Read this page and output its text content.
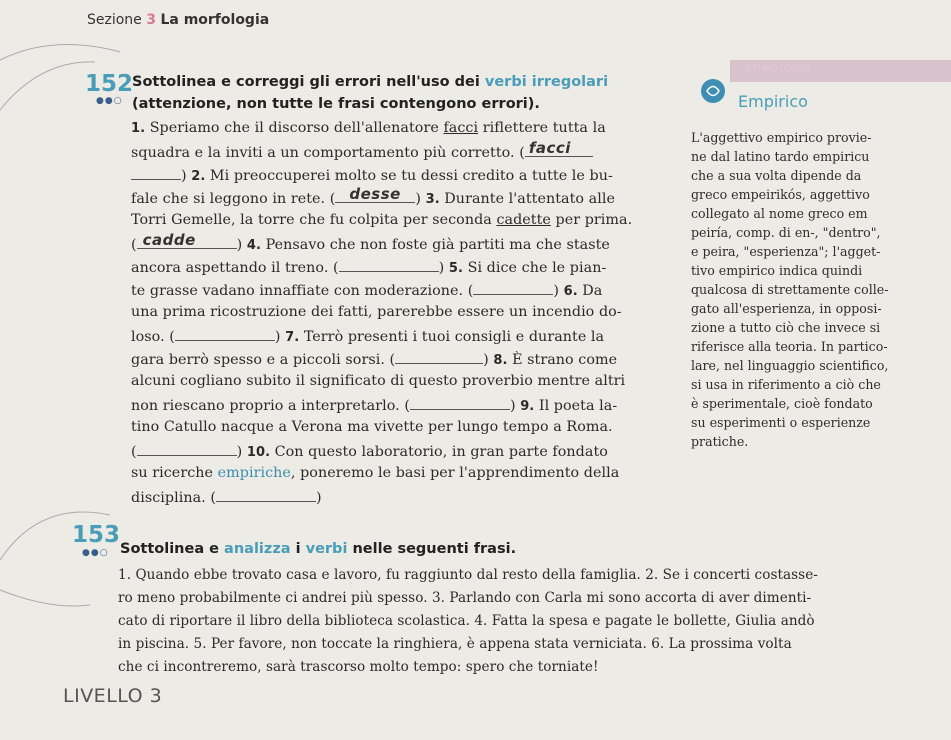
Sezione 3 La morfologia
152
●●○
Sottolinea e correggi gli errori nell'uso dei verbi irregolari
(attenzione, non tutte le frasi contengono errori).
1. Speriamo che il discorso dell'allenatore facci riflettere tutta la
squadra e la inviti a un comportamento più corretto. ( facci
) 2. Mi preoccuperei molto se tu dessi credito a tutte le bu-
fale che si leggono in rete. ( desse ) 3. Durante l'attentato alle
Torri Gemelle, la torre che fu colpita per seconda cadette per prima.
( cadde	) 4. Pensavo che non foste già partiti ma che staste
ancora aspettando il treno. (	) 5. Si dice che le pian-
te grasse vadano innaffiate con moderazione. (	) 6. Da
una prima ricostruzione dei fatti, parerebbe essere un incendio do-
loso. (	) 7. Terrò presenti i tuoi consigli e durante la
gara berrò spesso e a piccoli sorsi. (	) 8. È strano come
alcuni cogliano subito il significato di questo proverbio mentre altri
non riescano proprio a interpretarlo. (	) 9. Il poeta la-
tino Catullo nacque a Verona ma vivette per lungo tempo a Roma.
(	) 10. Con questo laboratorio, in gran parte fondato
su ricerche empiriche, poneremo le basi per l'apprendimento della
disciplina. (	)
ETIMOLOGIA
Empirico
L'aggettivo empirico provie-
ne dal latino tardo empiricu
che a sua volta dipende da
greco empeirikós, aggettivo
collegato al nome greco em
peiría, comp. di en-, "dentro",
e peira, "esperienza"; l'agget-
tivo empirico indica quindi
qualcosa di strettamente colle-
gato all'esperienza, in opposi-
zione a tutto ciò che invece si
riferisce alla teoria. In partico-
lare, nel linguaggio scientifico,
si usa in riferimento a ciò che
è sperimentale, cioè fondato
su esperimenti o esperienze
pratiche.
153
●●○ Sottolinea e analizza i verbi nelle seguenti frasi.
1. Quando ebbe trovato casa e lavoro, fu raggiunto dal resto della famiglia. 2. Se i concerti costasse-
ro meno probabilmente ci andrei più spesso. 3. Parlando con Carla mi sono accorta di aver dimenti-
cato di riportare il libro della biblioteca scolastica. 4. Fatta la spesa e pagate le bollette, Giulia andò
in piscina. 5. Per favore, non toccate la ringhiera, è appena stata verniciata. 6. La prossima volta
che ci incontreremo, sarà trascorso molto tempo: spero che torniate!
LIVELLO 3
